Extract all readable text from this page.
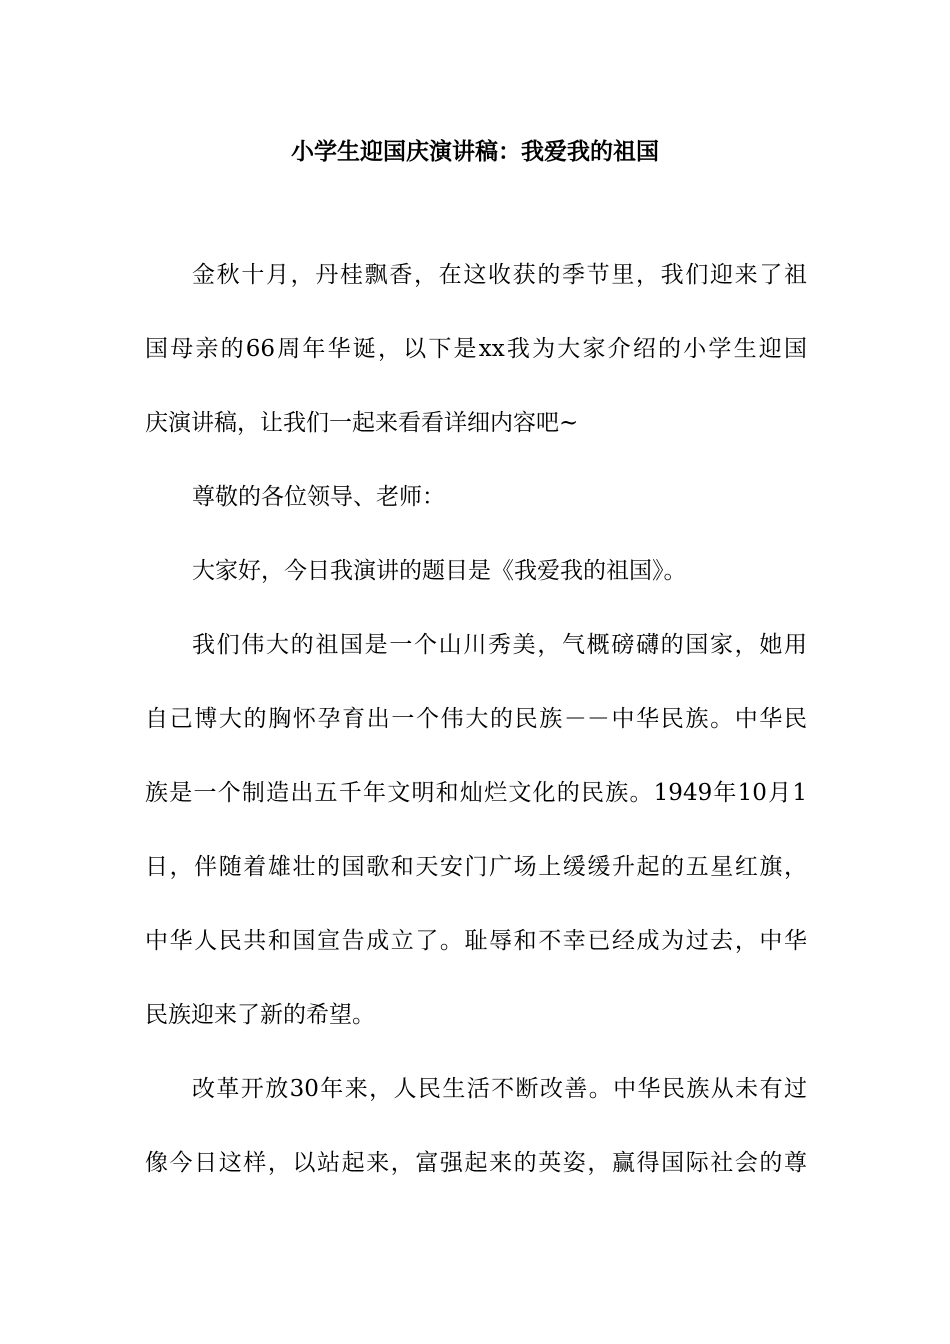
小学生迎国庆演讲稿：我爱我的祖国
金秋十月，丹桂飘香，在这收获的季节里，我们迎来了祖
国母亲的66周年华诞，以下是xx我为大家介绍的小学生迎国
庆演讲稿，让我们一起来看看详细内容吧~
尊敬的各位领导、老师：
大家好，今日我演讲的题目是《我爱我的祖国》。
我们伟大的祖国是一个山川秀美，气概磅礴的国家，她用
自己博大的胸怀孕育出一个伟大的民族－－中华民族。中华民
族是一个制造出五千年文明和灿烂文化的民族。1949年10月1
日，伴随着雄壮的国歌和天安门广场上缓缓升起的五星红旗，
中华人民共和国宣告成立了。耻辱和不幸已经成为过去，中华
民族迎来了新的希望。
改革开放30年来，人民生活不断改善。中华民族从未有过
像今日这样，以站起来，富强起来的英姿，赢得国际社会的尊
